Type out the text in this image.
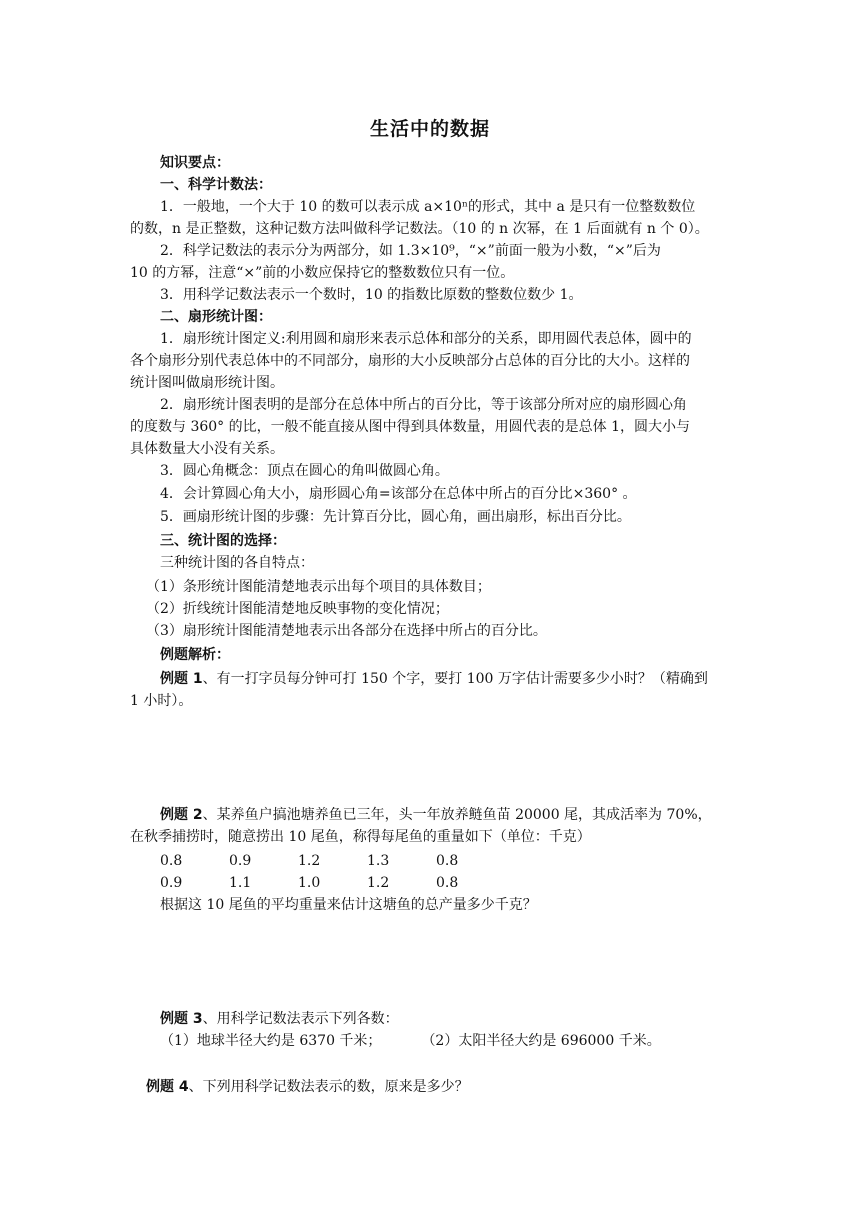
生活中的数据
知识要点：
一、科学计数法：
1．一般地，一个大于 10 的数可以表示成 a×10ⁿ的形式，其中 a 是只有一位整数数位
的数，n 是正整数，这种记数方法叫做科学记数法。（10 的 n 次幂，在 1 后面就有 n 个 0）。
2．科学记数法的表示分为两部分，如 1.3×10⁹，“×”前面一般为小数，“×”后为
10 的方幂，注意“×”前的小数应保持它的整数数位只有一位。
3．用科学记数法表示一个数时，10 的指数比原数的整数位数少 1。
二、扇形统计图：
1．扇形统计图定义:利用圆和扇形来表示总体和部分的关系，即用圆代表总体，圆中的
各个扇形分别代表总体中的不同部分，扇形的大小反映部分占总体的百分比的大小。这样的
统计图叫做扇形统计图。
2．扇形统计图表明的是部分在总体中所占的百分比，等于该部分所对应的扇形圆心角
的度数与 360° 的比，一般不能直接从图中得到具体数量，用圆代表的是总体 1，圆大小与
具体数量大小没有关系。
3．圆心角概念：顶点在圆心的角叫做圆心角。
4．会计算圆心角大小，扇形圆心角=该部分在总体中所占的百分比×360° 。
5．画扇形统计图的步骤：先计算百分比，圆心角，画出扇形，标出百分比。
三、统计图的选择：
三种统计图的各自特点：
（1）条形统计图能清楚地表示出每个项目的具体数目；
（2）折线统计图能清楚地反映事物的变化情况；
（3）扇形统计图能清楚地表示出各部分在选择中所占的百分比。
例题解析：
例题 1、有一打字员每分钟可打 150 个字，要打 100 万字估计需要多少小时？（精确到
1 小时）。
例题 2、某养鱼户搞池塘养鱼已三年，头一年放养鲢鱼苗 20000 尾，其成活率为 70%，
在秋季捕捞时，随意捞出 10 尾鱼，称得每尾鱼的重量如下（单位：千克）
0.8	0.9	1.2	1.3	0.8
0.9	1.1	1.0	1.2	0.8
根据这 10 尾鱼的平均重量来估计这塘鱼的总产量多少千克？
例题 3、用科学记数法表示下列各数：
（1）地球半径大约是 6370 千米；	（2）太阳半径大约是 696000 千米。
例题 4、下列用科学记数法表示的数，原来是多少？
